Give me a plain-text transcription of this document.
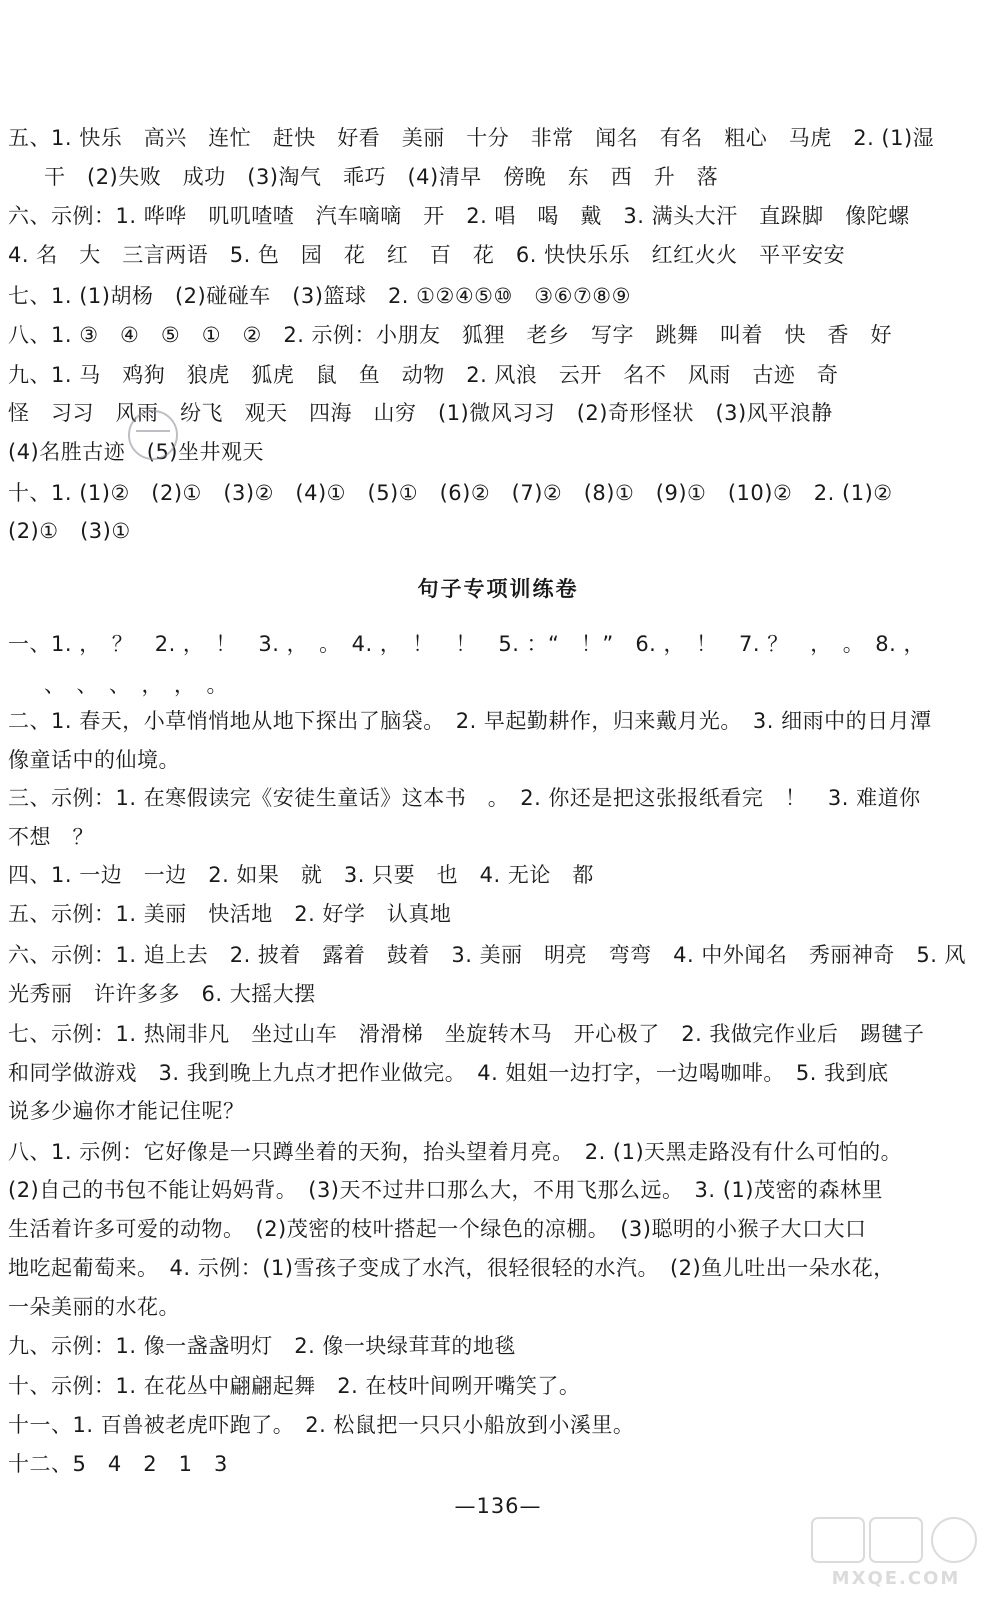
五、1. 快乐　高兴　连忙　赶快　好看　美丽　十分　非常　闻名　有名　粗心　马虎　2. (1)湿
干　(2)失败　成功　(3)淘气　乖巧　(4)清早　傍晚　东　西　升　落
六、示例：1. 哗哗　叽叽喳喳　汽车嘀嘀　开　2. 唱　喝　戴　3. 满头大汗　直跺脚　像陀螺
4. 名　大　三言两语　5. 色　园　花　红　百　花　6. 快快乐乐　红红火火　平平安安
七、1. (1)胡杨　(2)碰碰车　(3)篮球　2. ①②④⑤⑩　③⑥⑦⑧⑨
八、1. ③　④　⑤　①　②　2. 示例：小朋友　狐狸　老乡　写字　跳舞　叫着　快　香　好
九、1. 马　鸡狗　狼虎　狐虎　鼠　鱼　动物　2. 风浪　云开　名不　风雨　古迹　奇
怪　习习　风雨　纷飞　观天　四海　山穷　(1)微风习习　(2)奇形怪状　(3)风平浪静
(4)名胜古迹　(5)坐井观天
十、1. (1)②　(2)①　(3)②　(4)①　(5)①　(6)②　(7)②　(8)①　(9)①　(10)②　2. (1)②
(2)①　(3)①
句子专项训练卷
一、1. ，　？　2. ，　！　3. ，　。　4. ，　！　！　5. ：“　！”　6. ，　！　7. ？　，　。　8. ，
、　、　、　，　，　。
二、1. 春天，小草悄悄地从地下探出了脑袋。　2. 早起勤耕作，归来戴月光。　3. 细雨中的日月潭
像童话中的仙境。
三、示例：1. 在寒假读完《安徒生童话》这本书　。　2. 你还是把这张报纸看完　！　3. 难道你
不想　？
四、1. 一边　一边　2. 如果　就　3. 只要　也　4. 无论　都
五、示例：1. 美丽　快活地　2. 好学　认真地
六、示例：1. 追上去　2. 披着　露着　鼓着　3. 美丽　明亮　弯弯　4. 中外闻名　秀丽神奇　5. 风
光秀丽　许许多多　6. 大摇大摆
七、示例：1. 热闹非凡　坐过山车　滑滑梯　坐旋转木马　开心极了　2. 我做完作业后　踢毽子
和同学做游戏　3. 我到晚上九点才把作业做完。　4. 姐姐一边打字，一边喝咖啡。　5. 我到底
说多少遍你才能记住呢？
八、1. 示例：它好像是一只蹲坐着的天狗，抬头望着月亮。　2. (1)天黑走路没有什么可怕的。
(2)自己的书包不能让妈妈背。　(3)天不过井口那么大，不用飞那么远。　3. (1)茂密的森林里
生活着许多可爱的动物。　(2)茂密的枝叶搭起一个绿色的凉棚。　(3)聪明的小猴子大口大口
地吃起葡萄来。　4. 示例：(1)雪孩子变成了水汽，很轻很轻的水汽。　(2)鱼儿吐出一朵水花，
一朵美丽的水花。
九、示例：1. 像一盏盏明灯　2. 像一块绿茸茸的地毯
十、示例：1. 在花丛中翩翩起舞　2. 在枝叶间咧开嘴笑了。
十一、1. 百兽被老虎吓跑了。　2. 松鼠把一只只小船放到小溪里。
十二、5　4　2　1　3
—136—
MXQE.COM
